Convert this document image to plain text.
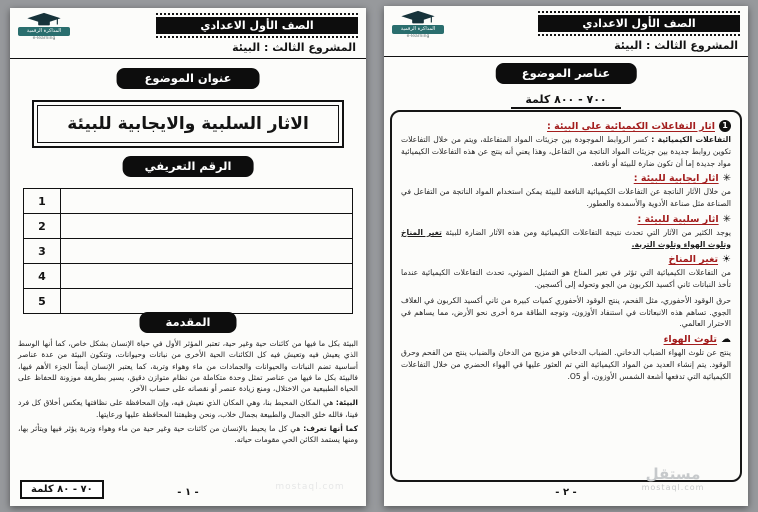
المذاكرة الرقمية
e-learning
الصف الأول الاعدادي
المشروع الثالث : البيئة
عنوان الموضوع
الاثار السلبية والايجابية للبيئة
الرقم التعريفي
1	
2	
3	
4	
5	
المقدمة

البيئة بكل ما فيها من كائنات حية وغير حية، تعتبر المؤثر الأول في حياة الإنسان بشكل خاص، كما أنها الوسط الذي يعيش فيه وتعيش فيه كل الكائنات الحية الأخرى من نباتات وحيوانات، وتتكون البيئة من عدة عناصر أساسية تضم النباتات والحيوانات والجمادات من ماء وهواء وتربة، كما يعتبر الإنسان أيضاً الجزء الأهم فيها، فالبيئة بكل ما فيها من عناصر تمثل وحدة متكاملة من نظام متوازن دقيق، يسير بطريقة موزونة للحفاظ على الحياة الطبيعية من الاختلال، ومنع زيادة عنصر أو نقصانه على حساب الآخر.

البيئة: هي المكان المحيط بنا، وهي المكان الذي نعيش فيه، وإن المحافظة على نظافتها يعكس أخلاق كل فرد فينا، فالله خلق الجمال والطبيعة بجمال خلاب، ونحن وظيفتنا المحافظة عليها ورعايتها.

كما أنها تعرف: هي كل ما يحيط بالإنسان من كائنات حية وغير حية من ماء وهواء وتربة يؤثر فيها ويتأثر بها، ومنها يستمد الكائن الحي مقومات حياته.

٧٠ - ٨٠ كلمة	- ١ -
المذاكرة الرقمية
e-learning
الصف الأول الاعدادي
المشروع الثالث : البيئة
عناصر الموضوع
٧٠٠ - ٨٠٠ كلمة
1
اثار التفاعلات الكيميائية على البيئة :

التفاعلات الكيميائية : كسر الروابط الموجودة بين جزيئات المواد المتفاعلة، ويتم من خلال التفاعلات تكوين روابط جديدة بين جزيئات المواد الناتجة من التفاعل، وهذا يعني أنه ينتج عن هذه التفاعلات الكيميائية مواد جديدة إما أن تكون ضارة للبيئة أو نافعة.

✳
اثار ايجابية للبيئة :

من خلال الآثار الناتجة عن التفاعلات الكيميائية النافعة للبيئة يمكن استخدام المواد الناتجة من التفاعل في الصناعة مثل صناعة الأدوية والأسمدة والعطور.

✳
اثار سلبية للبيئة :

يوجد الكثير من الآثار التي تحدث نتيجة التفاعلات الكيميائية ومن هذه الآثار الضارة للبيئة تغير المناخ وتلوث الهواء وتلوث التربة.

☀
تغير المناخ

من التفاعلات الكيميائية التي تؤثر في تغير المناخ هو التمثيل الضوئي، تحدث التفاعلات الكيميائية عندما تأخذ النباتات ثاني أكسيد الكربون من الجو وتحوله إلى أكسجين.

حرق الوقود الأحفوري، مثل الفحم، ينتج الوقود الأحفوري كميات كبيرة من ثاني أكسيد الكربون في الغلاف الجوي. تساهم هذه الانبعاثات في استنفاد الأوزون، وتوجه الطاقة مرة أخرى نحو الأرض، مما يساهم في الاحترار العالمي.

☁
تلوث الهواء

ينتج عن تلوث الهواء الضباب الدخاني. الضباب الدخاني هو مزيج من الدخان والضباب ينتج من الفحم وحرق الوقود. يتم إنشاء العديد من المواد الكيميائية التي تم العثور عليها في الهواء الحضري من خلال التفاعلات الكيميائية التي تدفعها أشعة الشمس الأوزون، أو O5.

- ٢ -
مستقل
mostaql.com
mostaql.com
